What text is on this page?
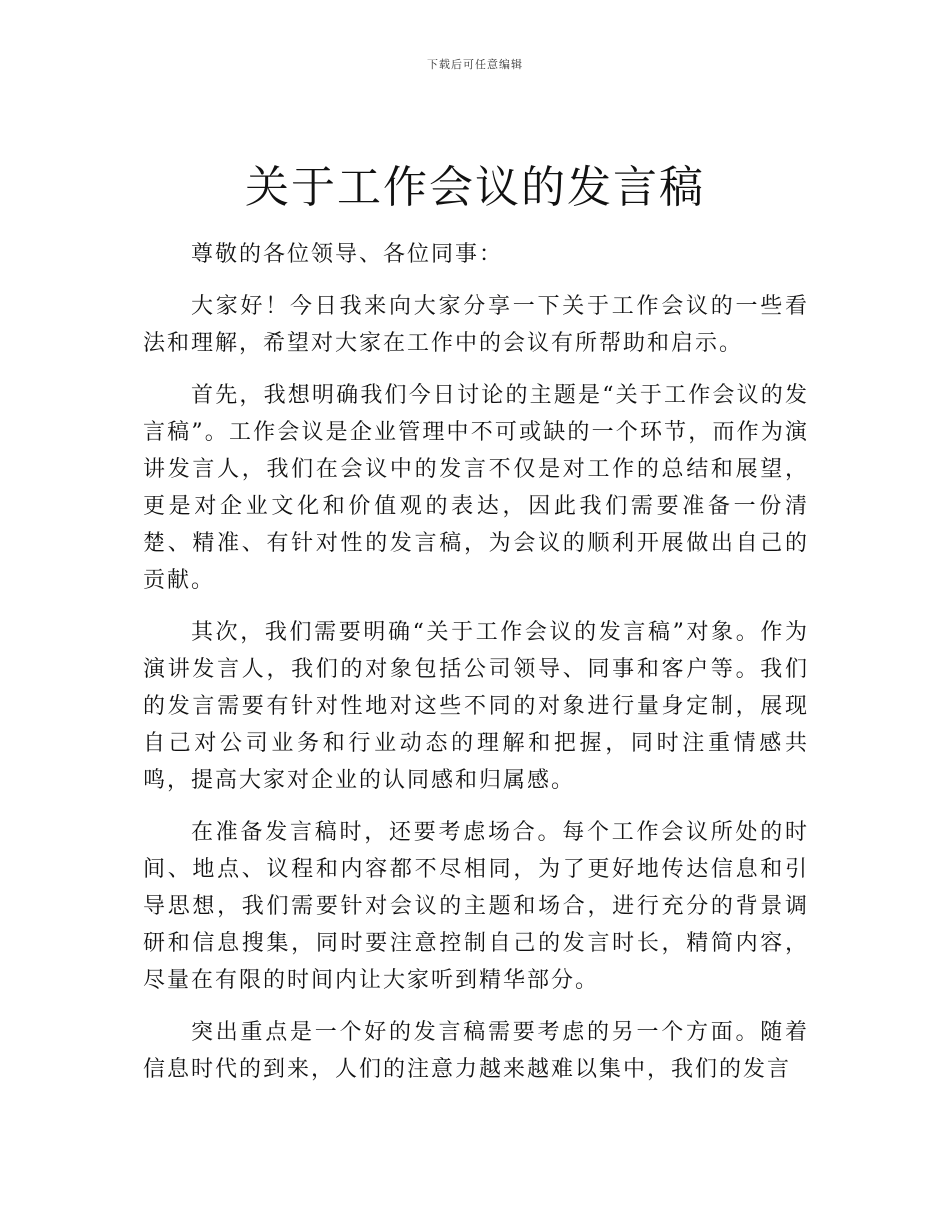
下载后可任意编辑
关于工作会议的发言稿

尊敬的各位领导、各位同事：

大家好！今日我来向大家分享一下关于工作会议的一些看法和理解，希望对大家在工作中的会议有所帮助和启示。

首先，我想明确我们今日讨论的主题是“关于工作会议的发言稿”。工作会议是企业管理中不可或缺的一个环节，而作为演讲发言人，我们在会议中的发言不仅是对工作的总结和展望，更是对企业文化和价值观的表达，因此我们需要准备一份清楚、精准、有针对性的发言稿，为会议的顺利开展做出自己的贡献。

其次，我们需要明确“关于工作会议的发言稿”对象。作为演讲发言人，我们的对象包括公司领导、同事和客户等。我们的发言需要有针对性地对这些不同的对象进行量身定制，展现自己对公司业务和行业动态的理解和把握，同时注重情感共鸣，提高大家对企业的认同感和归属感。

在准备发言稿时，还要考虑场合。每个工作会议所处的时间、地点、议程和内容都不尽相同，为了更好地传达信息和引导思想，我们需要针对会议的主题和场合，进行充分的背景调研和信息搜集，同时要注意控制自己的发言时长，精简内容，尽量在有限的时间内让大家听到精华部分。

突出重点是一个好的发言稿需要考虑的另一个方面。随着信息时代的到来，人们的注意力越来越难以集中，我们的发言
